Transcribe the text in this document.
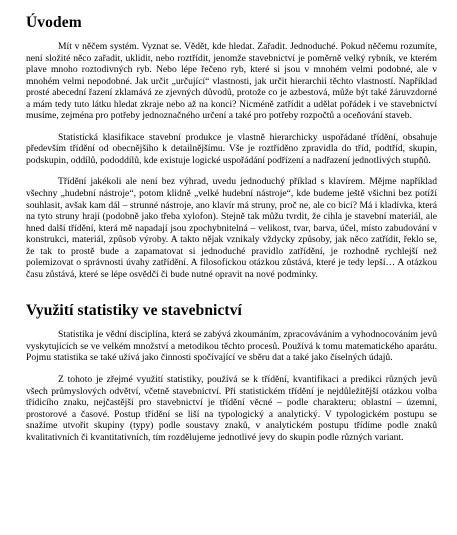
Úvodem

Mít v něčem systém. Vyznat se. Vědět, kde hledat. Zařadit. Jednoduché. Pokud něčemu rozumíte, není složité něco zařadit, uklidit, nebo roztřídit, jenomže stavebnictví je poměrně velký rybník, ve kterém plave mnoho roztodivných ryb. Nebo lépe řečeno ryb, které si jsou v mnohém velmi podobné, ale v mnohém velmi nepodobné. Jak určit „určující“ vlastnosti, jak určit hierarchii těchto vlastností. Například prosté abecední řazení zklamává ze zjevných důvodů, protože co je azbestová, může být také žáruvzdorné a mám tedy tuto látku hledat zkraje nebo až na konci? Nicméně zatřídit a udělat pořádek i ve stavebnictví musíme, zejména pro potřeby jednoznačného určení a také pro potřeby rozpočtů a oceňování staveb.

Statistická klasifikace stavební produkce je vlastně hierarchicky uspořádané třídění, obsahuje především třídění od obecnějšího k detailnějšímu. Vše je roztříděno zpravidla do tříd, podtříd, skupin, podskupin, oddílů, pododdílů, kde existuje logické uspořádání podřízení a nadřazení jednotlivých stupňů.

Třídění jakékoli ale není bez výhrad, uvedu jednoduchý příklad s klavírem. Mějme například všechny „hudební nástroje“, potom klidně „velké hudební nástroje“, kde budeme ještě všichni bez potíží souhlasit, avšak kam dál – strunné nástroje, ano klavír má struny, proč ne, ale co bicí? Má i kladívka, která na tyto struny hrají (podobně jako třeba xylofon). Stejně tak můžu tvrdit, že cihla je stavební materiál, ale hned další třídění, která mě napadají jsou zpochybnitelná – velikost, tvar, barva, účel, místo zabudování v konstrukci, materiál, způsob výroby. A takto nějak vznikaly vždycky způsoby, jak něco zatřídit, řeklo se, že tak to prostě bude a zapamatovat si jednoduché pravidlo zatřídění, je rozhodně rychlejší než polemizovat o správnosti úvahy zatřídění. A filosofickou otázkou zůstává, které je tedy lepší… A otázkou času zůstává, které se lépe osvědčí či bude nutné opravit na nové podmínky.

Využití statistiky ve stavebnictví

Statistika je vědní disciplína, která se zabývá zkoumáním, zpracováváním a vyhodnocováním jevů vyskytujících se ve velkém množství a metodikou těchto procesů. Používá k tomu matematického aparátu. Pojmu statistika se také užívá jako činnosti spočívající ve sběru dat a také jako číselných údajů.

Z tohoto je zřejmé využití statistiky, používá se k třídění, kvantifikaci a predikci různých jevů všech průmyslových odvětví, včetně stavebnictví. Při statistickém třídění je nejdůležitější otázkou volba třídicího znaku, nejčastější pro stavebnictví je třídění věcné – podle charakteru; oblastní – územní, prostorové a časové. Postup třídění se liší na typologický a analytický. V typologickém postupu se snažíme utvořit skupiny (typy) podle soustavy znaků, v analytickém postupu třídíme podle znaků kvalitativních či kvantitativních, tím rozdělujeme jednotlivé jevy do skupin podle různých variant.
